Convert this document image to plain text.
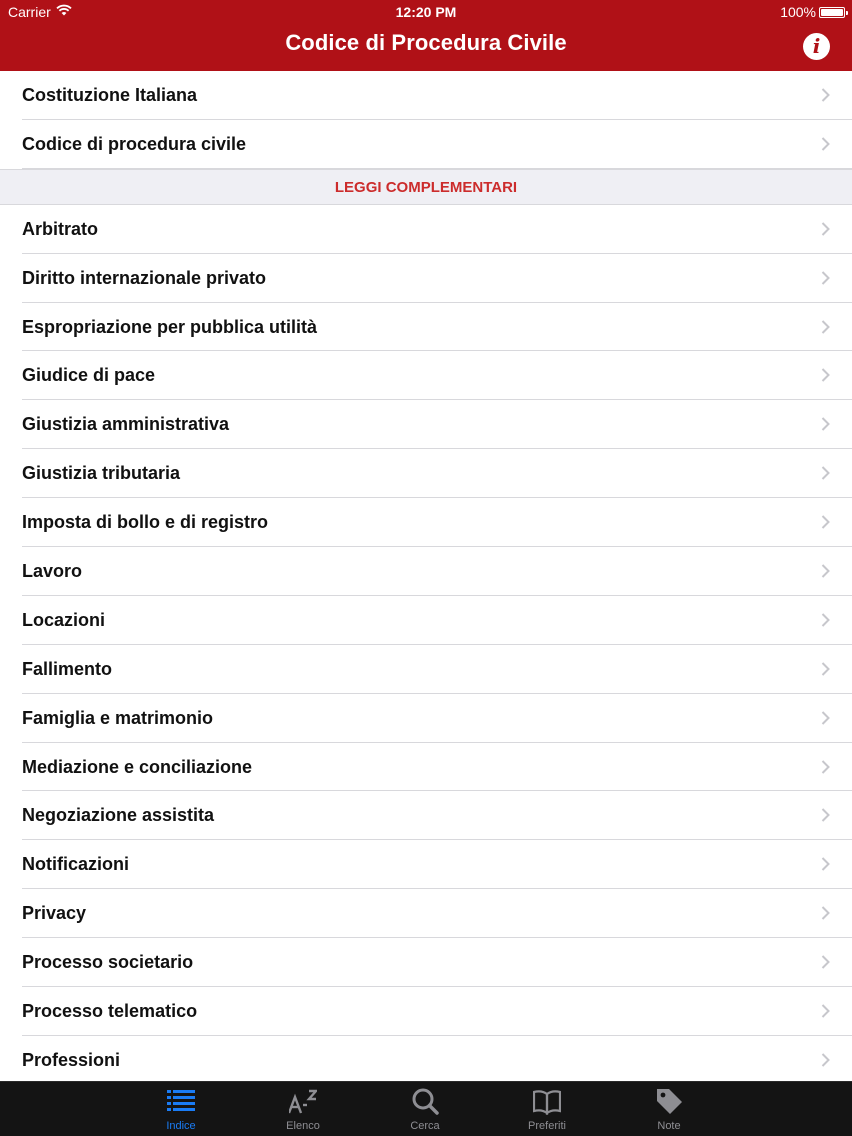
Carrier	12:20 PM	100%
Codice di Procedura Civile	i
Costituzione Italiana
Codice di procedura civile
LEGGI COMPLEMENTARI
Arbitrato
Diritto internazionale privato
Espropriazione per pubblica utilità
Giudice di pace
Giustizia amministrativa
Giustizia tributaria
Imposta di bollo e di registro
Lavoro
Locazioni
Fallimento
Famiglia e matrimonio
Mediazione e conciliazione
Negoziazione assistita
Notificazioni
Privacy
Processo societario
Processo telematico
Professioni
Indice	Elenco	Cerca	Preferiti	Note
